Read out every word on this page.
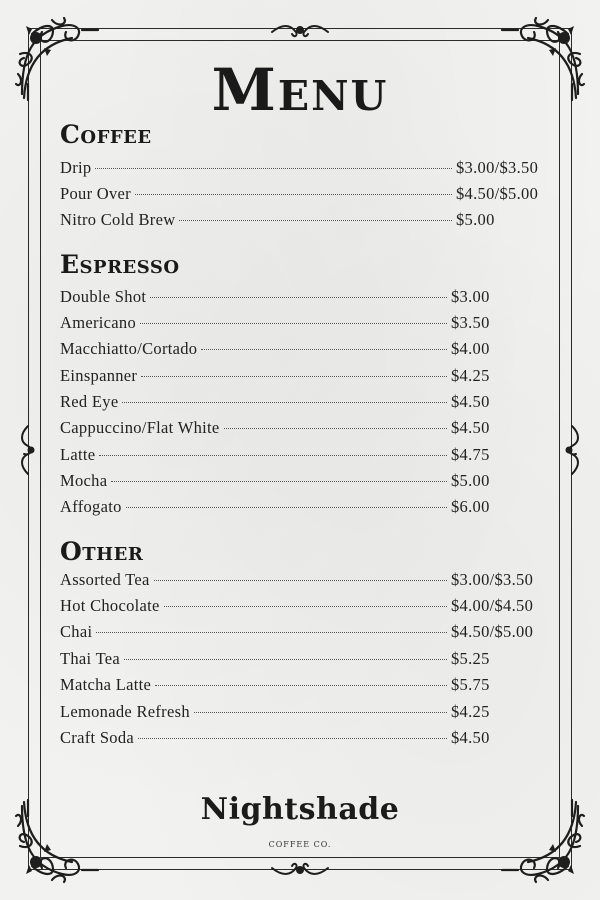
Menu
Coffee
Drip	$3.00/$3.50
Pour Over	$4.50/$5.00
Nitro Cold Brew	$5.00
Espresso
Double Shot	$3.00
Americano	$3.50
Macchiatto/Cortado	$4.00
Einspanner	$4.25
Red Eye	$4.50
Cappuccino/Flat White	$4.50
Latte	$4.75
Mocha	$5.00
Affogato	$6.00
Other
Assorted Tea	$3.00/$3.50
Hot Chocolate	$4.00/$4.50
Chai	$4.50/$5.00
Thai Tea	$5.25
Matcha Latte	$5.75
Lemonade Refresh	$4.25
Craft Soda	$4.50
Nightshade
COFFEE CO.
